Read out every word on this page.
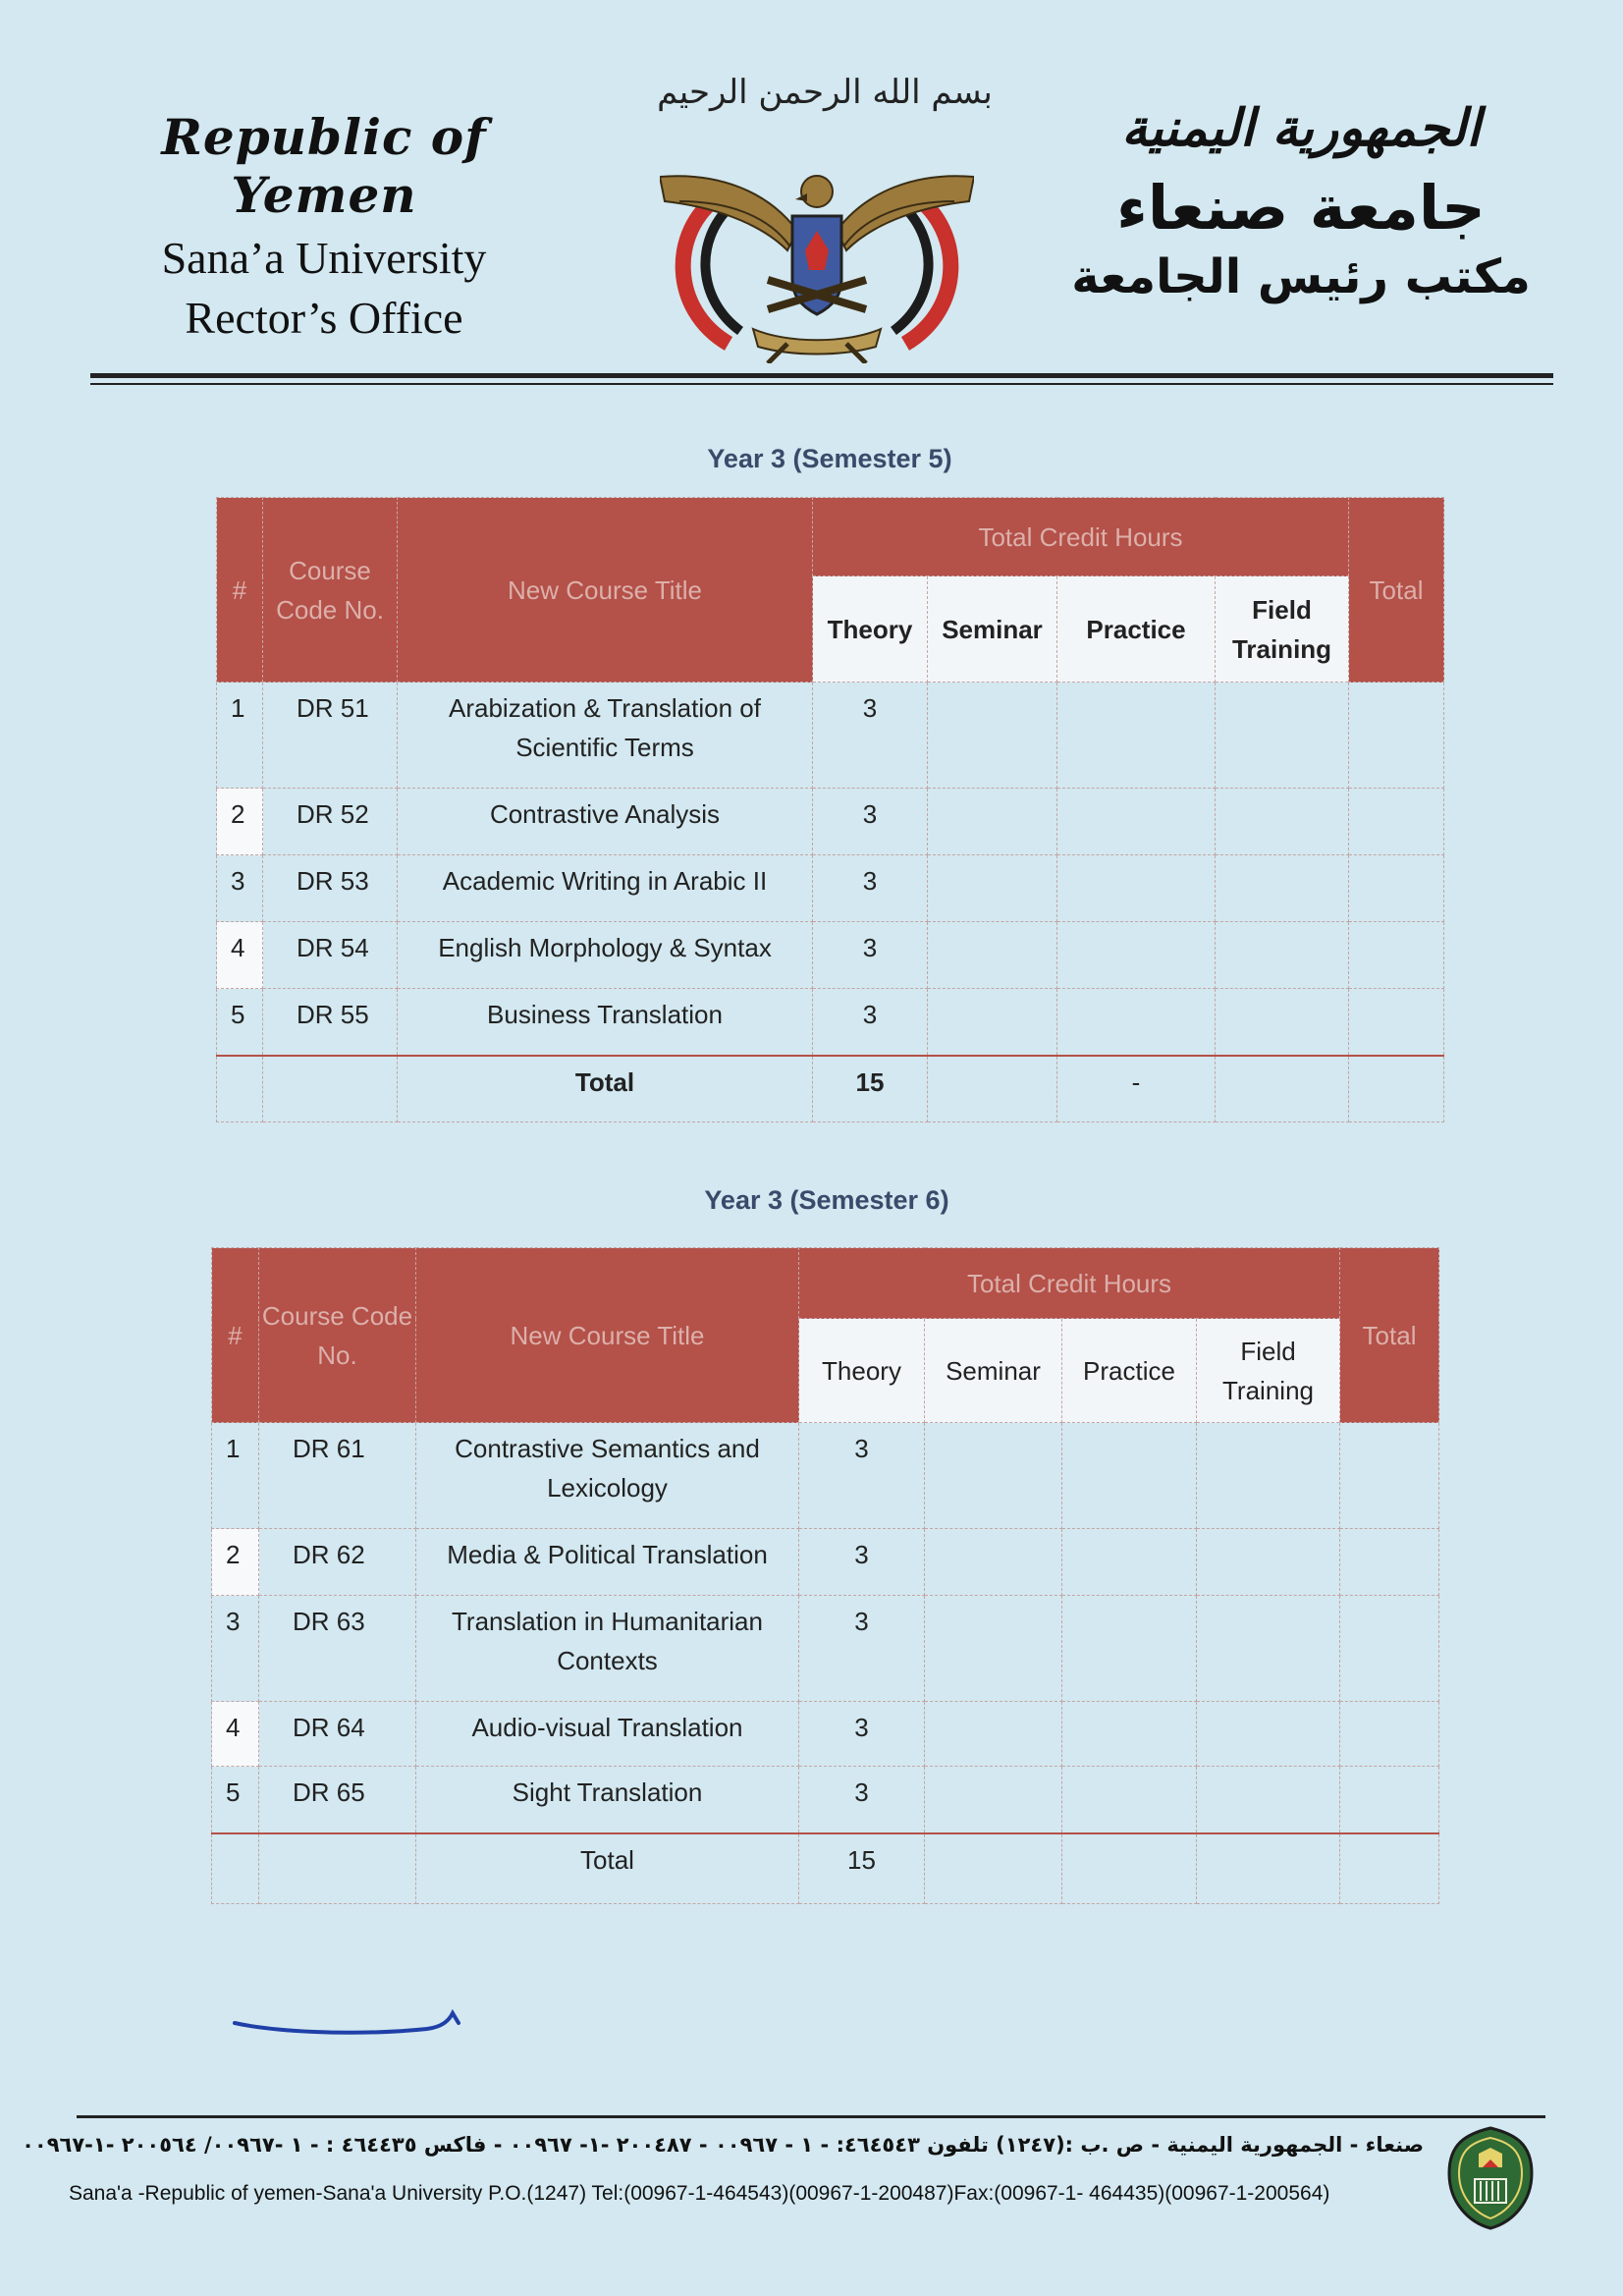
Republic of Yemen
Sana’a University
Rector’s Office
بسم الله الرحمن الرحيم
الجمهورية اليمنية
جامعة صنعاء
مكتب رئيس الجامعة
Year 3 (Semester 5)
#	Course Code No.	New Course Title	Total Credit Hours				Total
			Theory	Seminar	Practice	Field Training	
1	DR 51	Arabization & Translation of Scientific Terms	3				
2	DR 52	Contrastive Analysis	3				
3	DR 53	Academic Writing in Arabic II	3				
4	DR 54	English Morphology & Syntax	3				
5	DR 55	Business Translation	3				
		Total	15		-		
Year 3 (Semester 6)
#	Course Code No.	New Course Title	Total Credit Hours				Total
			Theory	Seminar	Practice	Field Training	
1	DR 61	Contrastive Semantics and Lexicology	3				
2	DR 62	Media & Political Translation	3				
3	DR 63	Translation in Humanitarian Contexts	3				
4	DR 64	Audio-visual Translation	3				
5	DR 65	Sight Translation	3				
		Total	15				
صنعاء - الجمهورية اليمنية - ص .ب :(١٢٤٧) تلفون ٤٦٤٥٤٣: - ١ - ٠٠٩٦٧ - ٢٠٠٤٨٧ -١- ٠٠٩٦٧ - فاكس ٤٦٤٤٣٥ : - ١ -٠٠٩٦٧/ ٢٠٠٥٦٤ -١-٠٠٩٦٧
Sana'a -Republic of yemen-Sana'a University P.O.(1247) Tel:(00967-1-464543)(00967-1-200487)Fax:(00967-1- 464435)(00967-1-200564)
